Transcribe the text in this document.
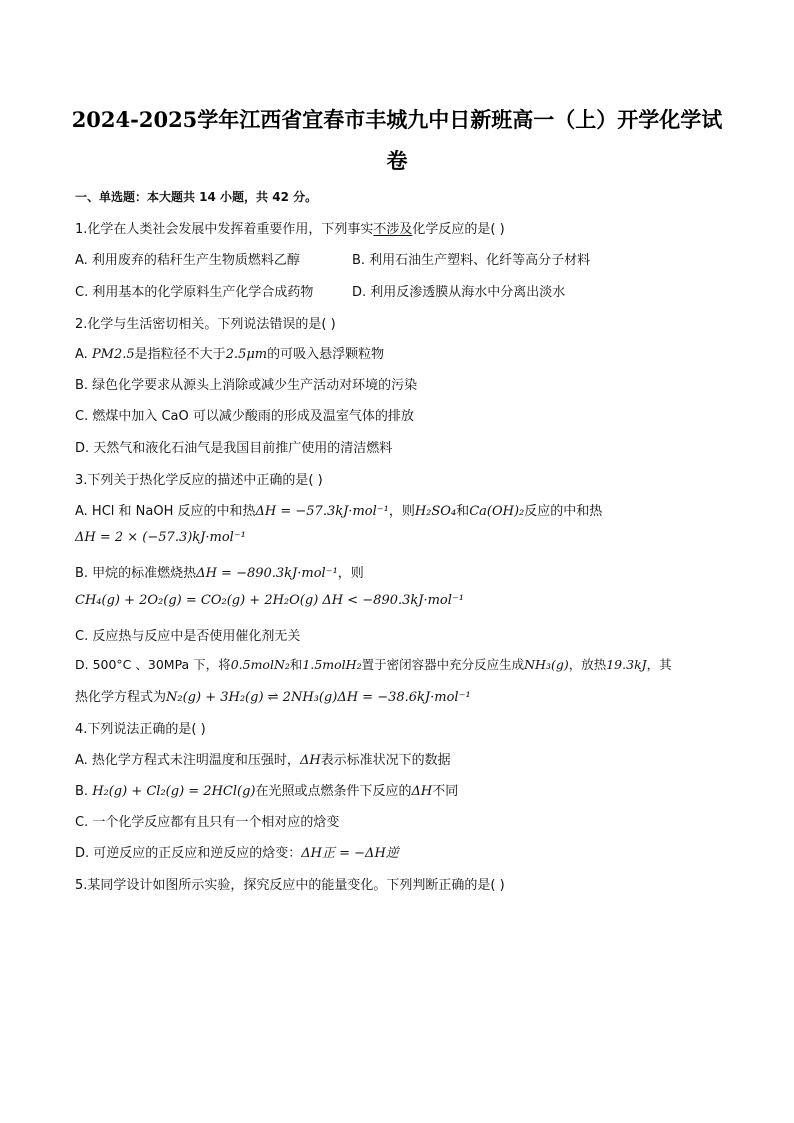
2024-2025学年江西省宜春市丰城九中日新班高一（上）开学化学试
卷
一、单选题：本大题共 14 小题，共 42 分。
1.化学在人类社会发展中发挥着重要作用，下列事实不涉及化学反应的是( )
A. 利用废弃的秸秆生产生物质燃料乙醇	B. 利用石油生产塑料、化纤等高分子材料
C. 利用基本的化学原料生产化学合成药物	D. 利用反渗透膜从海水中分离出淡水
2.化学与生活密切相关。下列说法错误的是( )
A. PM2.5是指粒径不大于2.5μm的可吸入悬浮颗粒物
B. 绿色化学要求从源头上消除或减少生产活动对环境的污染
C. 燃煤中加入 CaO 可以减少酸雨的形成及温室气体的排放
D. 天然气和液化石油气是我国目前推广使用的清洁燃料
3.下列关于热化学反应的描述中正确的是( )
A. HCl 和 NaOH 反应的中和热ΔH = −57.3kJ·mol⁻¹，则H₂SO₄和Ca(OH)₂反应的中和热
ΔH = 2 × (−57.3)kJ·mol⁻¹
B. 甲烷的标准燃烧热ΔH = −890.3kJ·mol⁻¹，则
CH₄(g) + 2O₂(g) = CO₂(g) + 2H₂O(g) ΔH < −890.3kJ·mol⁻¹
C. 反应热与反应中是否使用催化剂无关
D. 500°C 、30MPa 下，将0.5molN₂和1.5molH₂置于密闭容器中充分反应生成NH₃(g)，放热19.3kJ，其
热化学方程式为N₂(g) + 3H₂(g) ⇌ 2NH₃(g)ΔH = −38.6kJ·mol⁻¹
4.下列说法正确的是( )
A. 热化学方程式未注明温度和压强时，ΔH表示标准状况下的数据
B. H₂(g) + Cl₂(g) = 2HCl(g)在光照或点燃条件下反应的ΔH不同
C. 一个化学反应都有且只有一个相对应的焓变
D. 可逆反应的正反应和逆反应的焓变：ΔH正 = −ΔH逆
5.某同学设计如图所示实验，探究反应中的能量变化。下列判断正确的是( )
